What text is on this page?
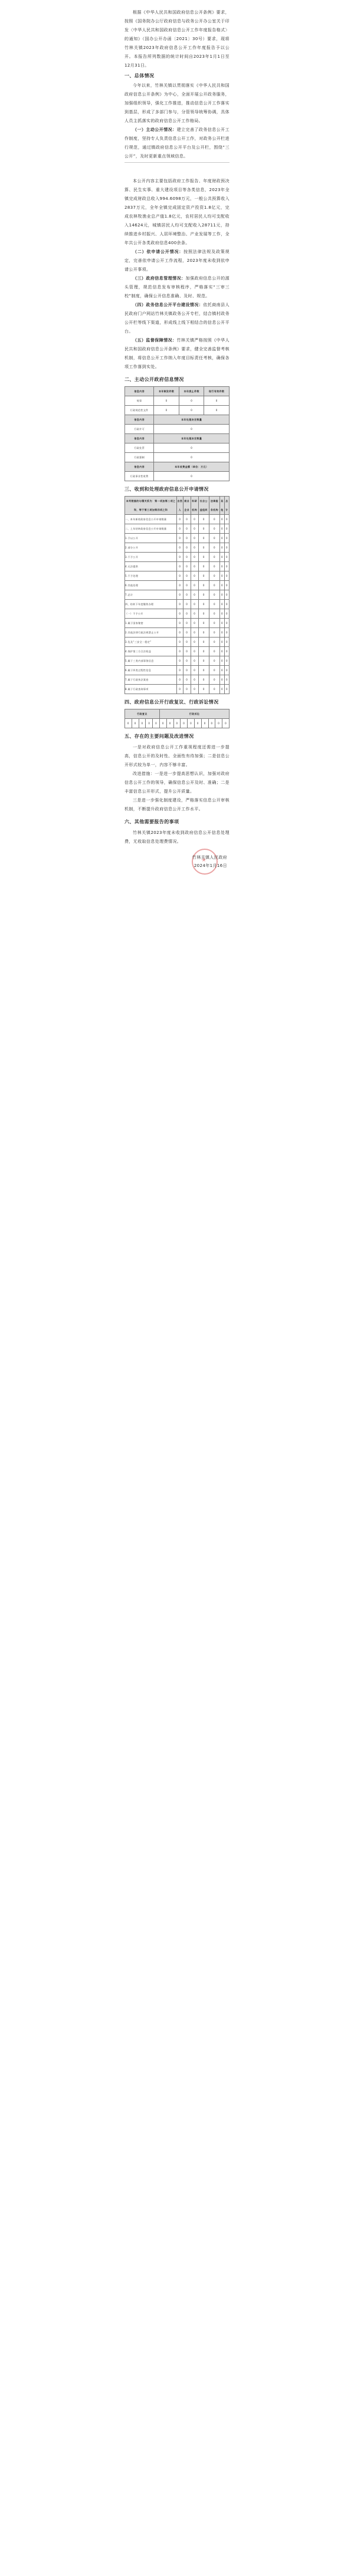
根据《中华人民共和国政府信息公开条例》要求，按照《国务院办公厅政府信息与政务公开办公室关于印发〈中华人民共和国政府信息公开工作年度报告格式〉的通知》（国办公开办函〔2021〕30号）要求，现将竹林关镇2023年政府信息公开工作年度报告予以公开。本报告所列数据的统计时间自2023年1月1日至12月31日。
一、总体情况
今年以来，竹林关镇以贯彻落实《中华人民共和国政府信息公开条例》为中心，全面开展公开政务服务，加强组织领导，强化工作推进，推动信息公开工作落实到基层，形成了多部门参与，分管领导统筹协调，具体人员主抓落实的政府信息公开工作格局。
（一）主动公开情况：建立完善了政务信息公开工作制度，坚持专人负责信息公开工作，对政务公开栏进行规范，通过镇政府信息公开平台及公开栏，围绕“三公开”，及时更新重点领域信息。
本公开内容主要包括政府工作报告、年度财政预决算、民生实事、重大建设项目等各类信息，2023年全镇完成财政总收入994.6098万元，一般公共预算收入2837万元，全年全镇完成固定资产投资1.8亿元，完成农林牧渔业总产值1.8亿元，农村居民人均可支配收入14624元，城镇居民人均可支配收入28711元，持续推进乡村振兴、人居环境整治、产业发展等工作，全年共公开各类政府信息400余条。
（二）依申请公开情况：按照法律法规及政策规定，完善依申请公开工作流程，2023年度未收到依申请公开事项。
（三）政府信息管理情况：加强政府信息公开的源头管理，规范信息发布审核程序，严格落实“三审三校”制度，确保公开信息准确、及时、规范。
（四）政务信息公开平台建设情况：依托商南县人民政府门户网站竹林关镇政务公开专栏，结合镇村政务公开栏等线下渠道，形成线上线下相结合的信息公开平台。
（五）监督保障情况：竹林关镇严格按照《中华人民共和国政府信息公开条例》要求，健全完善监督考核机制，将信息公开工作纳入年度目标责任考核，确保各项工作落到实处。
二、主动公开政府信息情况
信息内容	本年制发件数	本年废止件数	现行有效件数
规章	0	0	0
行政规范性文件	0	0	0
信息内容	本年处理决定数量		
行政许可	0		
信息内容	本年处理决定数量		
行政处罚	0		
行政强制	0		
信息内容	本年收费金额（单位：万元）		
行政事业性收费	0		
三、收到和处理政府信息公开申请情况
本列数据的勾稽关系为：第一项加第二项之和，等于第三项加第四项之和	自然人	商业企业	科研机构	社会公益组织	法律服务机构	其他	总计
一、本年新收政府信息公开申请数量	0	0	0	0	0	0	0
二、上年结转政府信息公开申请数量	0	0	0	0	0	0	0
1.予以公开	0	0	0	0	0	0	0
2.部分公开	0	0	0	0	0	0	0
3.不予公开	0	0	0	0	0	0	0
4.无法提供	0	0	0	0	0	0	0
5.不予处理	0	0	0	0	0	0	0
6.其他处理	0	0	0	0	0	0	0
7.总计	0	0	0	0	0	0	0
四、结转下年度继续办理	0	0	0	0	0	0	0
（一）不予公开	0	0	0	0	0	0	0
1.属于国家秘密	0	0	0	0	0	0	0
2.其他法律行政法规禁止公开	0	0	0	0	0	0	0
3.危及“三安全一稳定”	0	0	0	0	0	0	0
4.保护第三方合法权益	0	0	0	0	0	0	0
5.属于三类内部事务信息	0	0	0	0	0	0	0
6.属于四类过程性信息	0	0	0	0	0	0	0
7.属于行政执法案卷	0	0	0	0	0	0	0
8.属于行政查询事项	0	0	0	0	0	0	0
四、政府信息公开行政复议、行政诉讼情况
行政复议					行政诉讼									
0	0	0	0	0	0	0	0	0	0	0	0	0	0	0
五、存在的主要问题及改进情况
一是对政府信息公开工作重视程度还需进一步提高，信息公开的及时性、全面性有待加强；二是信息公开形式较为单一，内容不够丰富。
改进措施：一是进一步提高思想认识，加强对政府信息公开工作的领导，确保信息公开及时、准确；二是丰富信息公开形式，提升公开质量。
三是进一步强化制度建设，严格落实信息公开审核机制，不断提升政府信息公开工作水平。
六、其他需要报告的事项
竹林关镇2023年度未收到政府信息公开信息处理费，无收取信息处理费情况。
★
竹林关镇人民政府
2024年1月16日
